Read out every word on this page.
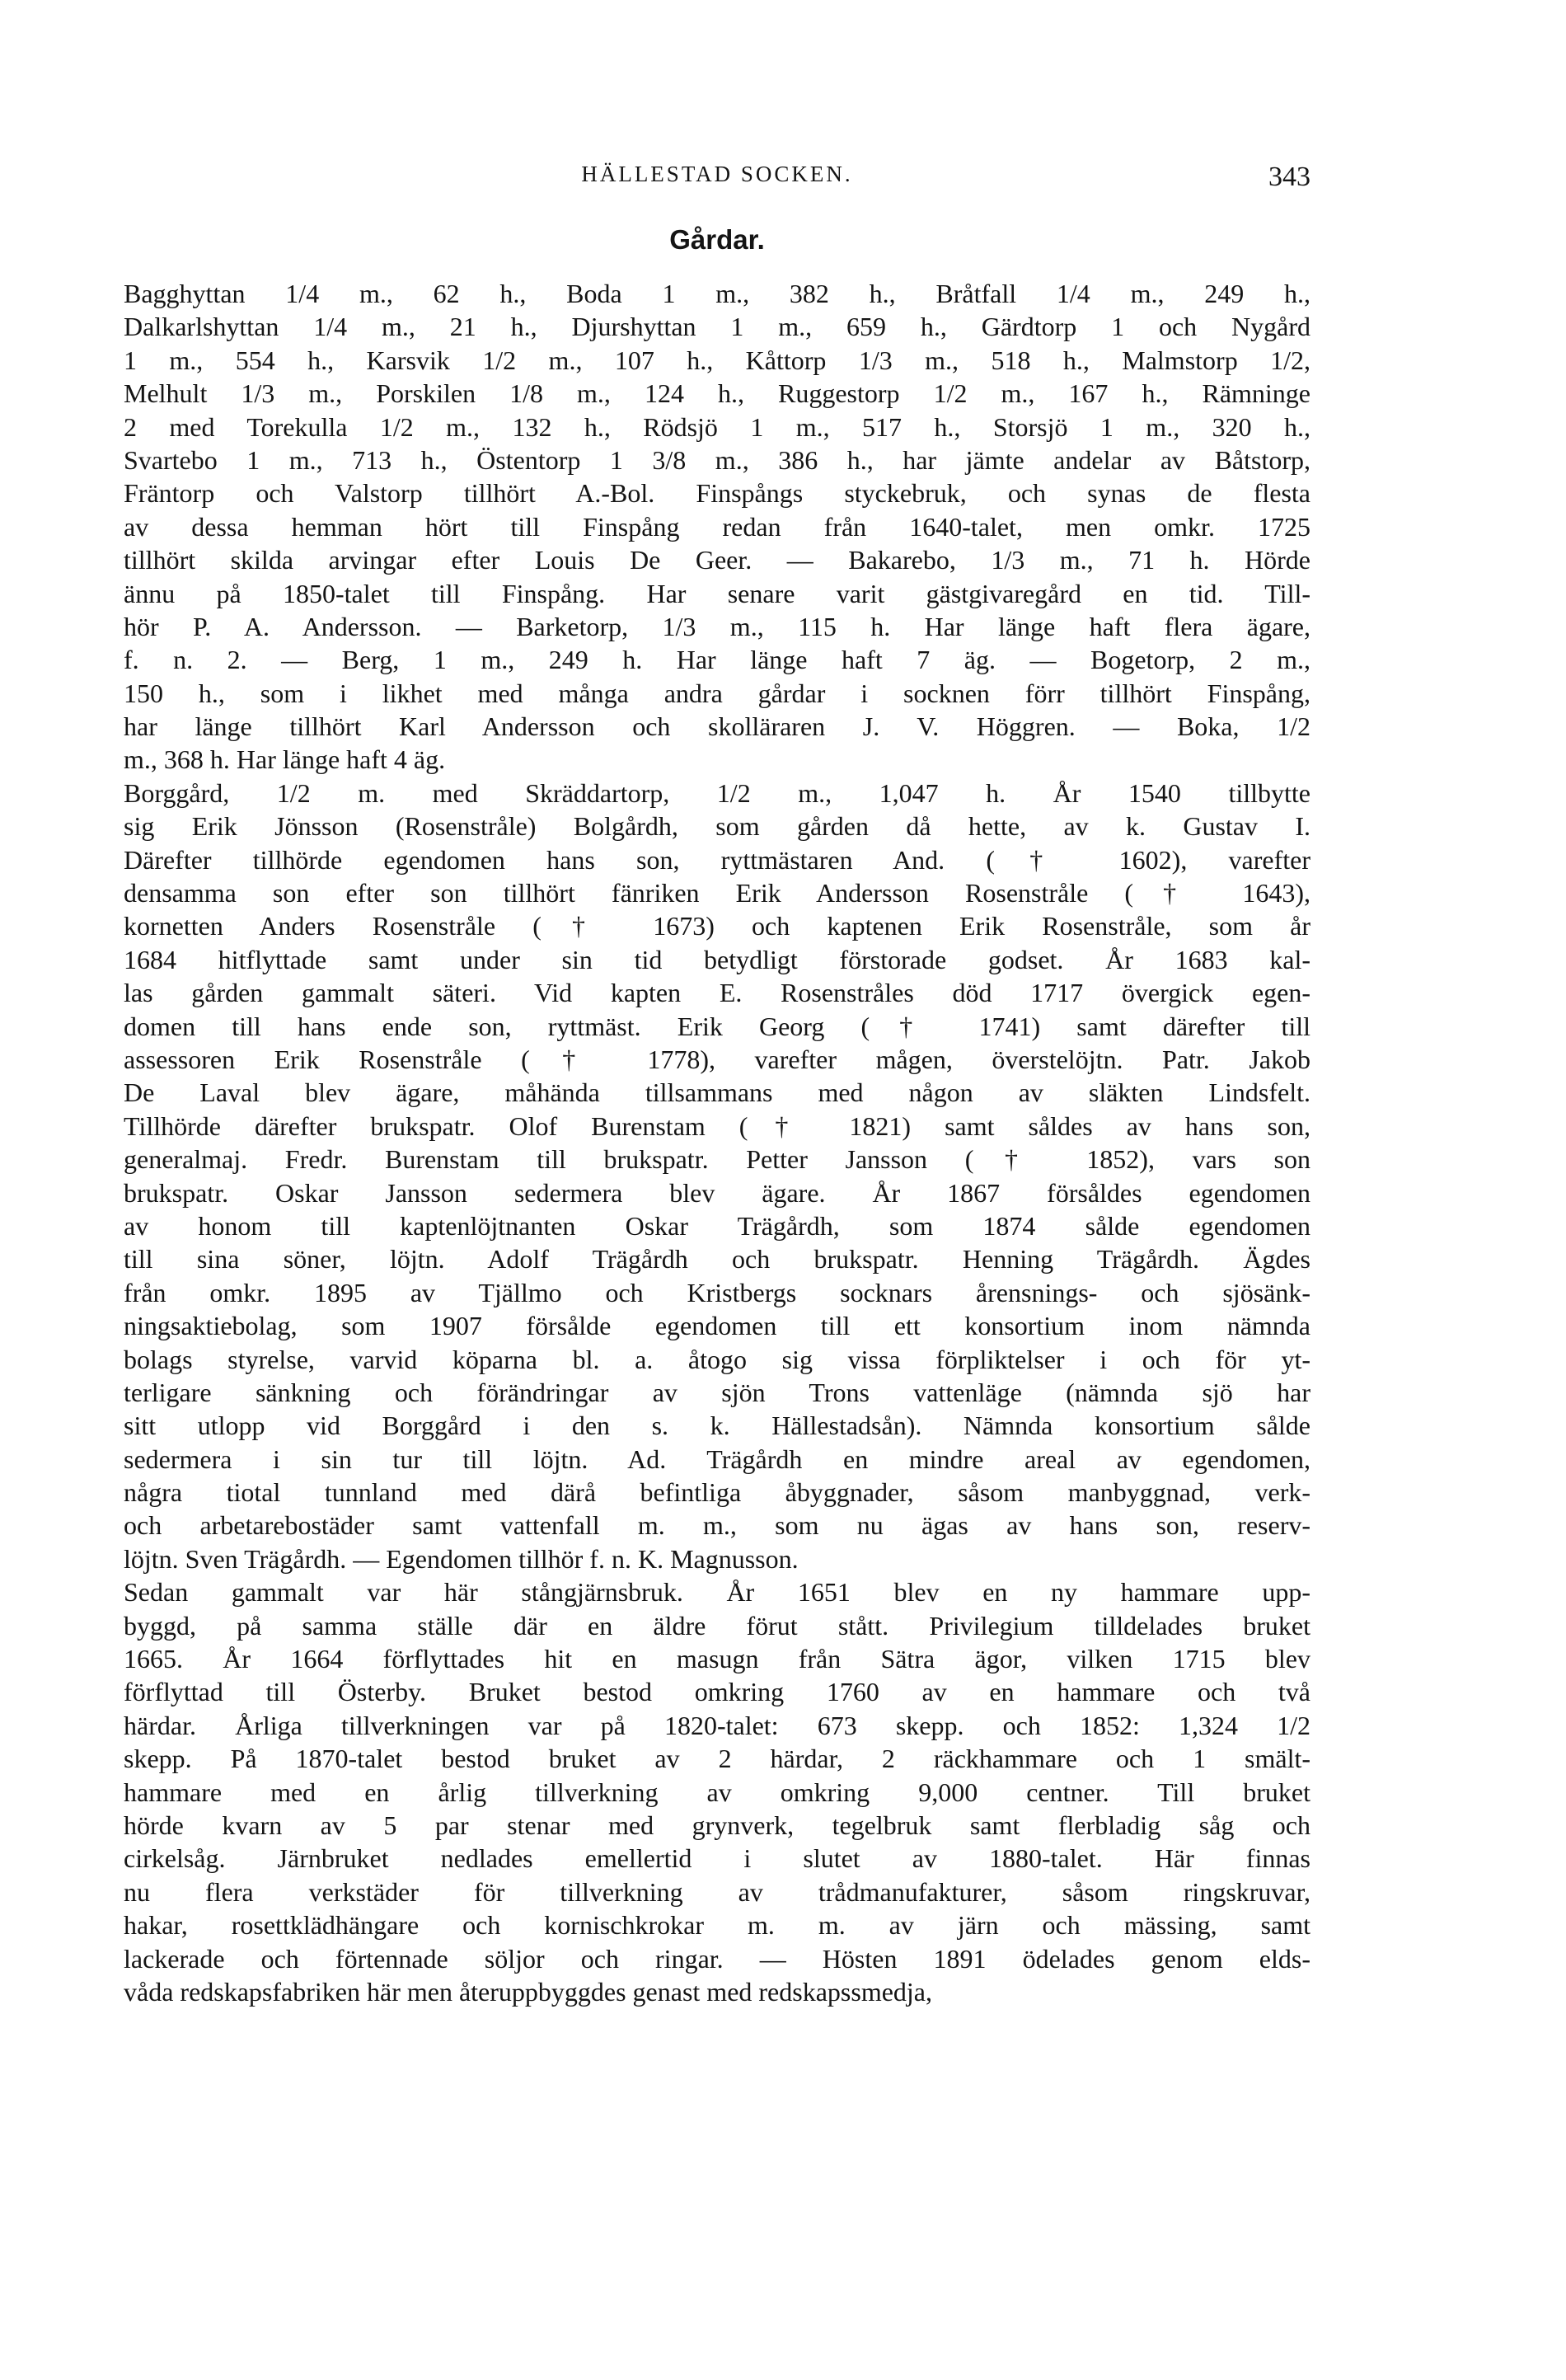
HÄLLESTAD SOCKEN.	343
Gårdar.
Bagghyttan 1/4 m., 62 h., Boda 1 m., 382 h., Bråtfall 1/4 m., 249 h.,
Dalkarlshyttan 1/4 m., 21 h., Djurshyttan 1 m., 659 h., Gärdtorp 1 och Nygård
1 m., 554 h., Karsvik 1/2 m., 107 h., Kåttorp 1/3 m., 518 h., Malmstorp 1/2,
Melhult 1/3 m., Porskilen 1/8 m., 124 h., Ruggestorp 1/2 m., 167 h., Rämninge
2 med Torekulla 1/2 m., 132 h., Rödsjö 1 m., 517 h., Storsjö 1 m., 320 h.,
Svartebo 1 m., 713 h., Östentorp 1 3/8 m., 386 h., har jämte andelar av Båtstorp,
Fräntorp och Valstorp tillhört A.-Bol. Finspångs styckebruk, och synas de flesta
av dessa hemman hört till Finspång redan från 1640-talet, men omkr. 1725
tillhört skilda arvingar efter Louis De Geer. — Bakarebo, 1/3 m., 71 h. Hörde
ännu på 1850-talet till Finspång. Har senare varit gästgivaregård en tid. Till-
hör P. A. Andersson. — Barketorp, 1/3 m., 115 h. Har länge haft flera ägare,
f. n. 2. — Berg, 1 m., 249 h. Har länge haft 7 äg. — Bogetorp, 2 m.,
150 h., som i likhet med många andra gårdar i socknen förr tillhört Finspång,
har länge tillhört Karl Andersson och skolläraren J. V. Höggren. — Boka, 1/2
m., 368 h. Har länge haft 4 äg.
Borggård, 1/2 m. med Skräddartorp, 1/2 m., 1,047 h. År 1540 tillbytte
sig Erik Jönsson (Rosenstråle) Bolgårdh, som gården då hette, av k. Gustav I.
Därefter tillhörde egendomen hans son, ryttmästaren And. († 1602), varefter
densamma son efter son tillhört fänriken Erik Andersson Rosenstråle († 1643),
kornetten Anders Rosenstråle († 1673) och kaptenen Erik Rosenstråle, som år
1684 hitflyttade samt under sin tid betydligt förstorade godset. År 1683 kal-
las gården gammalt säteri. Vid kapten E. Rosenstråles död 1717 övergick egen-
domen till hans ende son, ryttmäst. Erik Georg († 1741) samt därefter till
assessoren Erik Rosenstråle († 1778), varefter mågen, överstelöjtn. Patr. Jakob
De Laval blev ägare, måhända tillsammans med någon av släkten Lindsfelt.
Tillhörde därefter brukspatr. Olof Burenstam († 1821) samt såldes av hans son,
generalmaj. Fredr. Burenstam till brukspatr. Petter Jansson († 1852), vars son
brukspatr. Oskar Jansson sedermera blev ägare. År 1867 försåldes egendomen
av honom till kaptenlöjtnanten Oskar Trägårdh, som 1874 sålde egendomen
till sina söner, löjtn. Adolf Trägårdh och brukspatr. Henning Trägårdh. Ägdes
från omkr. 1895 av Tjällmo och Kristbergs socknars årensnings- och sjösänk-
ningsaktiebolag, som 1907 försålde egendomen till ett konsortium inom nämnda
bolags styrelse, varvid köparna bl. a. åtogo sig vissa förpliktelser i och för yt-
terligare sänkning och förändringar av sjön Trons vattenläge (nämnda sjö har
sitt utlopp vid Borggård i den s. k. Hällestadsån). Nämnda konsortium sålde
sedermera i sin tur till löjtn. Ad. Trägårdh en mindre areal av egendomen,
några tiotal tunnland med därå befintliga åbyggnader, såsom manbyggnad, verk-
och arbetarebostäder samt vattenfall m. m., som nu ägas av hans son, reserv-
löjtn. Sven Trägårdh. — Egendomen tillhör f. n. K. Magnusson.
Sedan gammalt var här stångjärnsbruk. År 1651 blev en ny hammare upp-
byggd, på samma ställe där en äldre förut stått. Privilegium tilldelades bruket
1665. År 1664 förflyttades hit en masugn från Sätra ägor, vilken 1715 blev
förflyttad till Österby. Bruket bestod omkring 1760 av en hammare och två
härdar. Årliga tillverkningen var på 1820-talet: 673 skepp. och 1852: 1,324 1/2
skepp. På 1870-talet bestod bruket av 2 härdar, 2 räckhammare och 1 smält-
hammare med en årlig tillverkning av omkring 9,000 centner. Till bruket
hörde kvarn av 5 par stenar med grynverk, tegelbruk samt flerbladig såg och
cirkelsåg. Järnbruket nedlades emellertid i slutet av 1880-talet. Här finnas
nu flera verkstäder för tillverkning av trådmanufakturer, såsom ringskruvar,
hakar, rosettklädhängare och kornischkrokar m. m. av järn och mässing, samt
lackerade och förtennade söljor och ringar. — Hösten 1891 ödelades genom elds-
våda redskapsfabriken här men återuppbyggdes genast med redskapssmedja,
